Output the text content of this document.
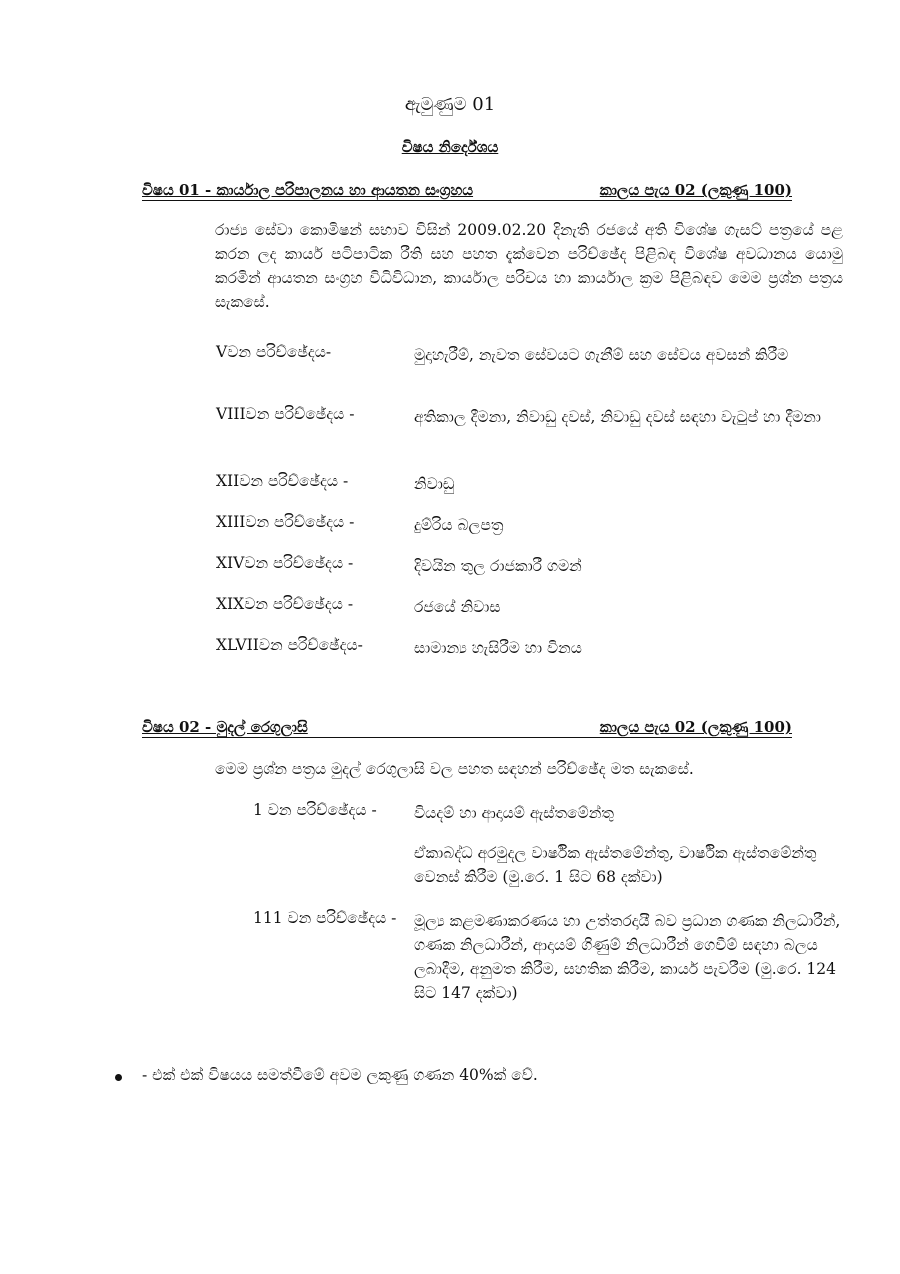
ඇමුණුම 01
විෂය නිර්දේශය
විෂය 01 - කාර්යාල පරිපාලනය හා ආයතන සංග්‍රහය	කාලය පැය 02 (ලකුණු 100)
රාජ්‍ය සේවා කොමිෂන් සභාව විසින් 2009.02.20 දිනැති රජයේ අති විශේෂ ගැසට් පත්‍රයේ පළ කරන ලද කාර්ය පටිපාටික රීති සහ පහත දැක්වෙන පරිච්ඡේද පිළිබඳ විශේෂ අවධානය යොමු කරමින් ආයතන සංග්‍රහ විධිවිධාන, කාර්යාල පරිචය හා කාර්යාල ක්‍රම පිළිබඳව මෙම ප්‍රශ්න පත්‍රය සැකසේ.
Vවන පරිච්ඡේදය-	මුදාහැරීම්, නැවත සේවයට ගැනීම් සහ සේවය අවසන් කිරීම
VIIIවන පරිච්ඡේදය -	අතිකාල දීමනා, නිවාඩු දවස්, නිවාඩු දවස් සඳහා වැටුප් හා දීමනා
XIIවන පරිච්ඡේදය -	නිවාඩු
XIIIවන පරිච්ඡේදය -	දුම්රිය බලපත්‍ර
XIVවන පරිච්ඡේදය -	දිවයින තුල රාජකාරී ගමන්
XIXවන පරිච්ඡේදය -	රජයේ නිවාස
XLVIIවන පරිච්ඡේදය-	සාමාන්‍ය හැසිරීම හා විනය
විෂය 02 - මුදල් රෙගුලාසි	කාලය පැය 02 (ලකුණු 100)
මෙම ප්‍රශ්න පත්‍රය මුදල් රෙගුලාසි වල පහත සඳහන් පරිච්ඡේද මත සැකසේ.
1 වන පරිච්ඡේදය - වියදම් හා ආදායම් ඇස්තමේන්තු
ඒකාබද්ධ අරමුදල වාර්ෂික ඇස්තමේන්තු, වාර්ෂික ඇස්තමේන්තු වෙනස් කිරීම (මු.රෙ. 1 සිට 68 දක්වා)
111 වන පරිච්ඡේදය - මූල්‍ය කළමණාකරණය හා උත්තරදායී බව ප්‍රධාන ගණක නිලධාරීන්, ගණක නිලධාරීන්, ආදායම් ගිණුම් නිලධාරීන් ගෙවීම් සඳහා බලය ලබාදීම, අනුමත කිරීම, සහතික කිරීම, කාර්ය පැවරීම (මු.රෙ. 124 සිට 147 දක්වා)
- එක් එක් විෂයය සමත්වීමේ අවම ලකුණු ගණන 40%ක් වේ.
